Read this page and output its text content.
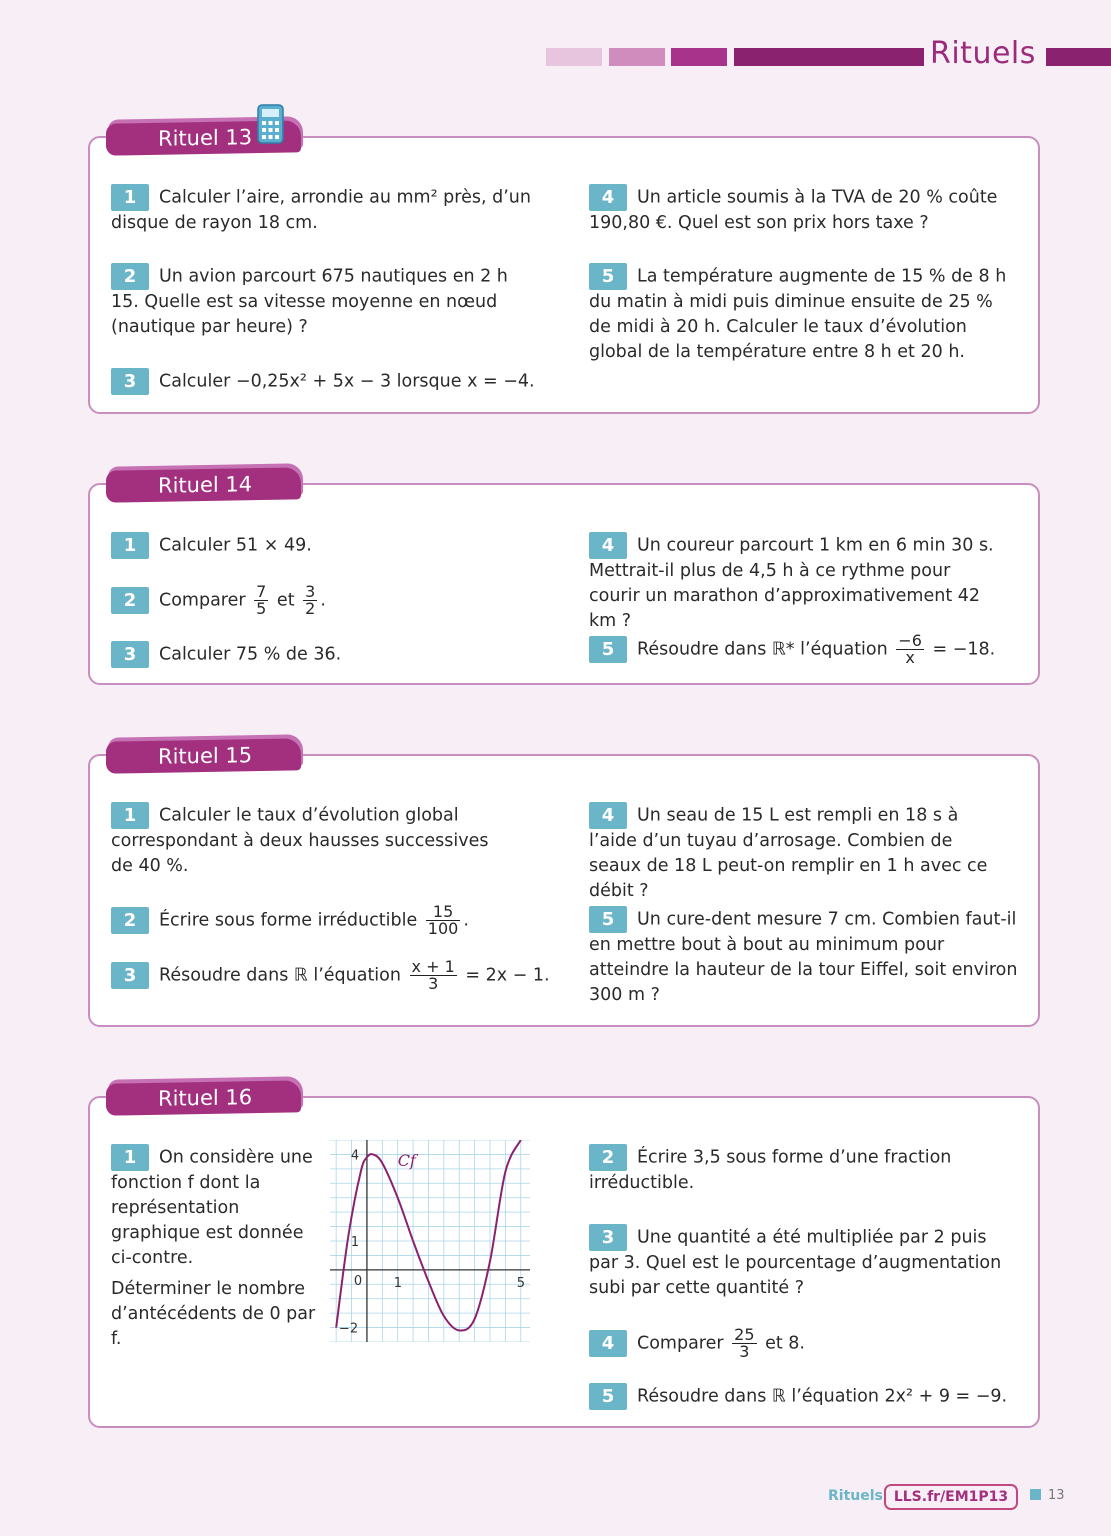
Rituels
Rituel 13
1 Calculer l’aire, arrondie au mm² près, d’un disque de rayon 18 cm.
2 Un avion parcourt 675 nautiques en 2 h 15. Quelle est sa vitesse moyenne en nœud (nautique par heure) ?
3 Calculer −0,25x² + 5x − 3 lorsque x = −4.
4 Un article soumis à la TVA de 20 % coûte 190,80 €. Quel est son prix hors taxe ?
5 La température augmente de 15 % de 8 h du matin à midi puis diminue ensuite de 25 % de midi à 20 h. Calculer le taux d’évolution global de la température entre 8 h et 20 h.
Rituel 14
1 Calculer 51 × 49.
2 Comparer $\frac{7}{5}$ et $\frac{3}{2}$ .
3 Calculer 75 % de 36.
4 Un coureur parcourt 1 km en 6 min 30 s. Mettrait-il plus de 4,5 h à ce rythme pour courir un marathon d’approximativement 42 km ?
5 Résoudre dans ℝ* l’équation $\frac{-6}{x} = -18$.
Rituel 15
1 Calculer le taux d’évolution global correspondant à deux hausses successives de 40 %.
2 Écrire sous forme irréductible $\frac{15}{100}$ .
3 Résoudre dans ℝ l’équation $\frac{x + 1}{3} = 2x - 1$.
4 Un seau de 15 L est rempli en 18 s à l’aide d’un tuyau d’arrosage. Combien de seaux de 18 L peut-on remplir en 1 h avec ce débit ?
5 Un cure-dent mesure 7 cm. Combien faut-il en mettre bout à bout au minimum pour atteindre la hauteur de la tour Eiffel, soit environ 300 m ?
Rituel 16
1 On considère une fonction f dont la représentation graphique est donnée ci-contre.
Déterminer le nombre d’antécédents de 0 par f.
Cf
0 1	5
4
1
−2
2 Écrire 3,5 sous forme d’une fraction irréductible.
3 Une quantité a été multipliée par 2 puis par 3. Quel est le pourcentage d’augmentation subi par cette quantité ?
4 Comparer $\frac{25}{3}$ et 8.
5 Résoudre dans ℝ l’équation 2x² + 9 = −9.
Rituels LLS.fr/EM1P13	13
